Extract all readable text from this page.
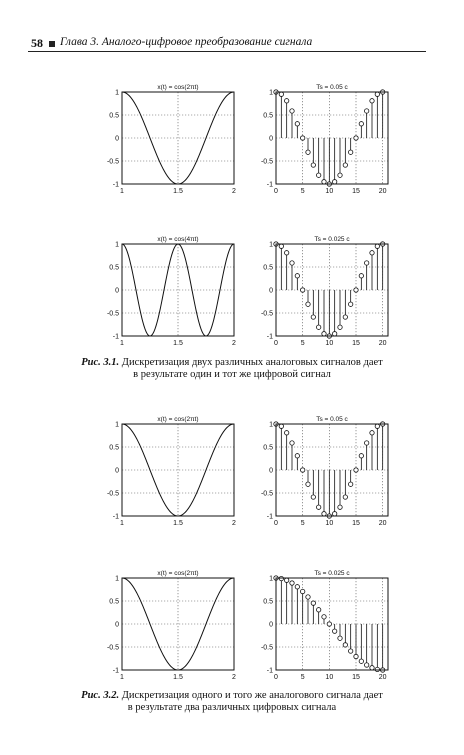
58 Глава 3. Аналого-цифровое преобразование сигнала
x(t) = cos(2πt)
1
0.5
0
-0.5
-1
1	1.5	2
Ts = 0.05 c
1
0.5
0
-0.5
-1
0	5	10	15	20
x(t) = cos(4πt)
1
0.5
0
-0.5
-1
1	1.5	2
Ts = 0.025 c
1
0.5
0
-0.5
-1
0	5	10	15	20
Рис. 3.1. Дискретизация двух различных аналоговых сигналов дает
в результате один и тот же цифровой сигнал
x(t) = cos(2πt)
1
0.5
0
-0.5
-1
1	1.5	2
Ts = 0.05 c
1
0.5
0
-0.5
-1
0	5	10	15	20
x(t) = cos(2πt)
1
0.5
0
-0.5
-1
1	1.5	2
Ts = 0.025 c
1
0.5
0
-0.5
-1
0	5	10	15	20
Рис. 3.2. Дискретизация одного и того же аналогового сигнала дает
в результате два различных цифровых сигнала
